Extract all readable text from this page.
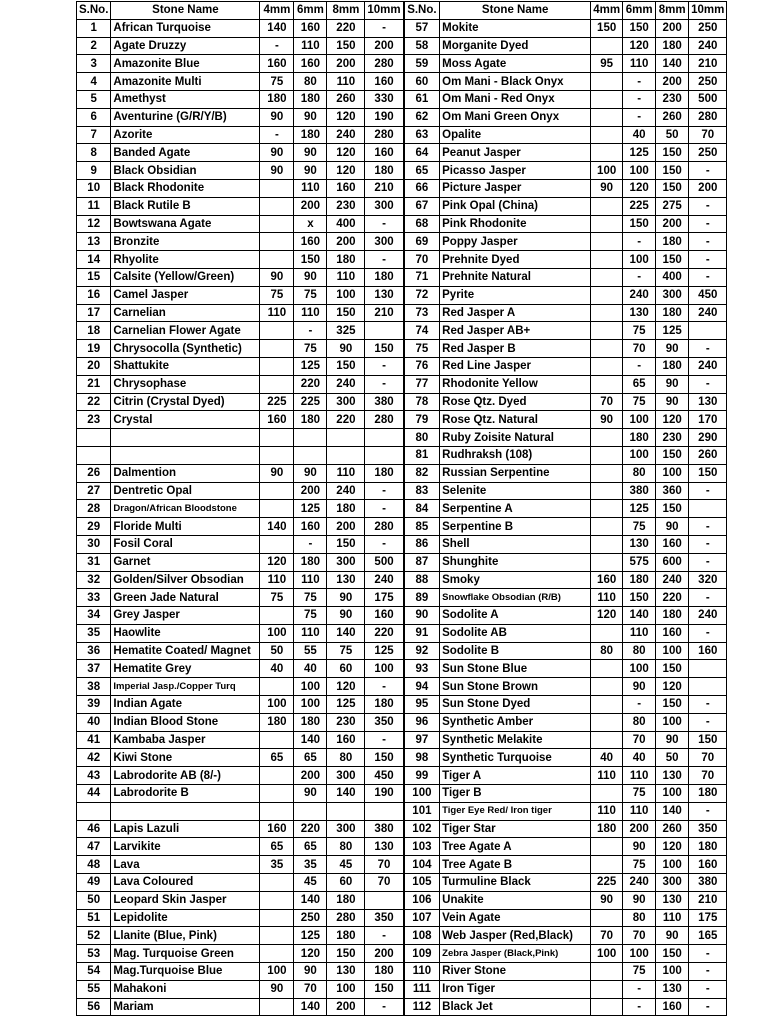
S.No.	Stone Name	4mm	6mm	8mm	10mm	S.No.	Stone Name	4mm	6mm	8mm	10mm
1	African Turquoise	140	160	220	-	57	Mokite	150	150	200	250
2	Agate Druzzy	-	110	150	200	58	Morganite Dyed		120	180	240
3	Amazonite Blue	160	160	200	280	59	Moss Agate	95	110	140	210
4	Amazonite Multi	75	80	110	160	60	Om Mani - Black Onyx		-	200	250
5	Amethyst	180	180	260	330	61	Om Mani - Red Onyx		-	230	500
6	Aventurine (G/R/Y/B)	90	90	120	190	62	Om Mani Green Onyx		-	260	280
7	Azorite	-	180	240	280	63	Opalite		40	50	70
8	Banded Agate	90	90	120	160	64	Peanut Jasper		125	150	250
9	Black Obsidian	90	90	120	180	65	Picasso Jasper	100	100	150	-
10	Black Rhodonite		110	160	210	66	Picture Jasper	90	120	150	200
11	Black Rutile B		200	230	300	67	Pink Opal (China)		225	275	-
12	Bowtswana Agate		x	400	-	68	Pink Rhodonite		150	200	-
13	Bronzite		160	200	300	69	Poppy Jasper		-	180	-
14	Rhyolite		150	180	-	70	Prehnite Dyed		100	150	-
15	Calsite (Yellow/Green)	90	90	110	180	71	Prehnite Natural		-	400	-
16	Camel Jasper	75	75	100	130	72	Pyrite		240	300	450
17	Carnelian	110	110	150	210	73	Red Jasper A		130	180	240
18	Carnelian Flower Agate		-	325		74	Red Jasper AB+		75	125	
19	Chrysocolla (Synthetic)		75	90	150	75	Red Jasper B		70	90	-
20	Shattukite		125	150	-	76	Red Line Jasper		-	180	240
21	Chrysophase		220	240	-	77	Rhodonite Yellow		65	90	-
22	Citrin (Crystal Dyed)	225	225	300	380	78	Rose Qtz. Dyed	70	75	90	130
23	Crystal	160	180	220	280	79	Rose Qtz. Natural	90	100	120	170
						80	Ruby Zoisite Natural		180	230	290
						81	Rudhraksh (108)		100	150	260
26	Dalmention	90	90	110	180	82	Russian Serpentine		80	100	150
27	Dentretic Opal		200	240	-	83	Selenite		380	360	-
28	Dragon/African Bloodstone		125	180	-	84	Serpentine A		125	150	
29	Floride Multi	140	160	200	280	85	Serpentine B		75	90	-
30	Fosil Coral		-	150	-	86	Shell		130	160	-
31	Garnet	120	180	300	500	87	Shunghite		575	600	-
32	Golden/Silver Obsodian	110	110	130	240	88	Smoky	160	180	240	320
33	Green Jade Natural	75	75	90	175	89	Snowflake Obsodian (R/B)	110	150	220	-
34	Grey Jasper		75	90	160	90	Sodolite A	120	140	180	240
35	Haowlite	100	110	140	220	91	Sodolite AB		110	160	-
36	Hematite Coated/ Magnet	50	55	75	125	92	Sodolite B	80	80	100	160
37	Hematite Grey	40	40	60	100	93	Sun Stone Blue		100	150	
38	Imperial Jasp./Copper Turq		100	120	-	94	Sun Stone Brown		90	120	
39	Indian Agate	100	100	125	180	95	Sun Stone Dyed		-	150	-
40	Indian Blood Stone	180	180	230	350	96	Synthetic Amber		80	100	-
41	Kambaba Jasper		140	160	-	97	Synthetic Melakite		70	90	150
42	Kiwi Stone	65	65	80	150	98	Synthetic Turquoise	40	40	50	70
43	Labrodorite AB (8/-)		200	300	450	99	Tiger A	110	110	130	70
44	Labrodorite B		90	140	190	100	Tiger B		75	100	180
						101	Tiger Eye Red/ Iron tiger	110	110	140	-
46	Lapis Lazuli	160	220	300	380	102	Tiger Star	180	200	260	350
47	Larvikite	65	65	80	130	103	Tree Agate A		90	120	180
48	Lava	35	35	45	70	104	Tree Agate B		75	100	160
49	Lava Coloured		45	60	70	105	Turmuline Black	225	240	300	380
50	Leopard Skin Jasper		140	180		106	Unakite	90	90	130	210
51	Lepidolite		250	280	350	107	Vein Agate		80	110	175
52	Llanite (Blue, Pink)		125	180	-	108	Web Jasper (Red,Black)	70	70	90	165
53	Mag. Turquoise Green		120	150	200	109	Zebra Jasper (Black,Pink)	100	100	150	-
54	Mag.Turquoise Blue	100	90	130	180	110	River Stone		75	100	-
55	Mahakoni	90	70	100	150	111	Iron Tiger		-	130	-
56	Mariam		140	200	-	112	Black Jet		-	160	-
